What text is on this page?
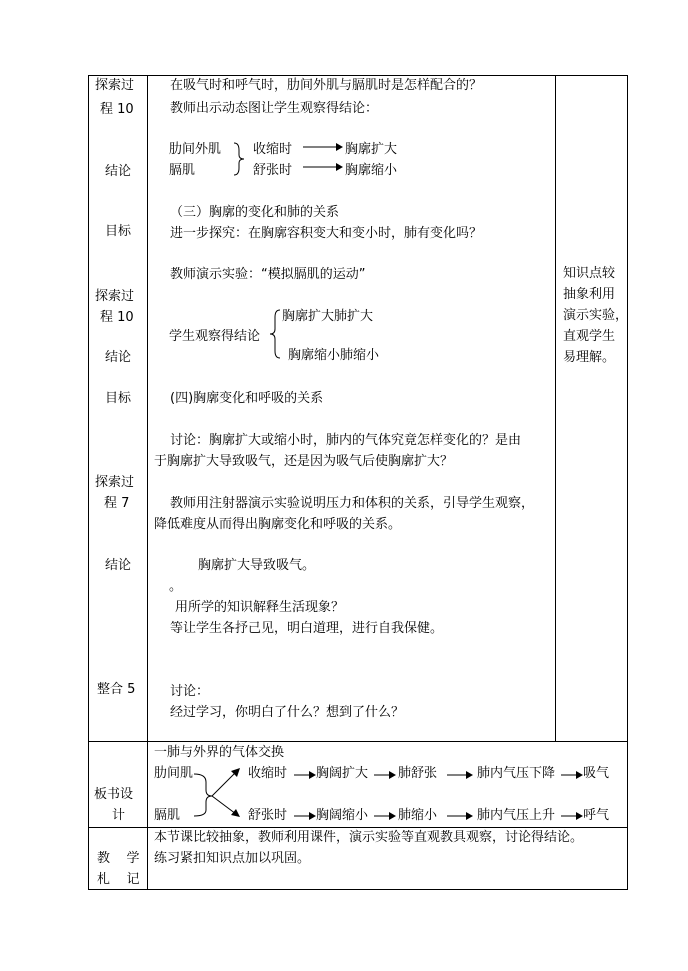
探索过
程 10
结论
目标
探索过
程 10
结论
目标
探索过
程 7
结论
整合 5
在吸气时和呼气时，肋间外肌与膈肌时是怎样配合的？
教师出示动态图让学生观察得结论：
肋间外肌
膈肌
收缩时
舒张时
胸廓扩大
胸廓缩小
（三）胸廓的变化和肺的关系
进一步探究：在胸廓容积变大和变小时，肺有变化吗？
教师演示实验：“模拟膈肌的运动”
学生观察得结论
胸廓扩大肺扩大
胸廓缩小肺缩小
(四)胸廓变化和呼吸的关系
讨论：胸廓扩大或缩小时，肺内的气体究竟怎样变化的？是由
于胸廓扩大导致吸气，还是因为吸气后使胸廓扩大？
教师用注射器演示实验说明压力和体积的关系，引导学生观察，
降低难度从而得出胸廓变化和呼吸的关系。
胸廓扩大导致吸气。
。
用所学的知识解释生活现象？
等让学生各抒己见，明白道理，进行自我保健。
讨论：
经过学习，你明白了什么？想到了什么？
知识点较
抽象利用
演示实验，
直观学生
易理解。
板书设
计
一肺与外界的气体交换
肋间肌
膈肌
收缩时 胸阔扩大 肺舒张	肺内气压下降 吸气
舒张时 胸阔缩小 肺缩小	肺内气压上升 呼气
教    学
札    记
本节课比较抽象，教师利用课件，演示实验等直观教具观察，讨论得结论。
练习紧扣知识点加以巩固。
